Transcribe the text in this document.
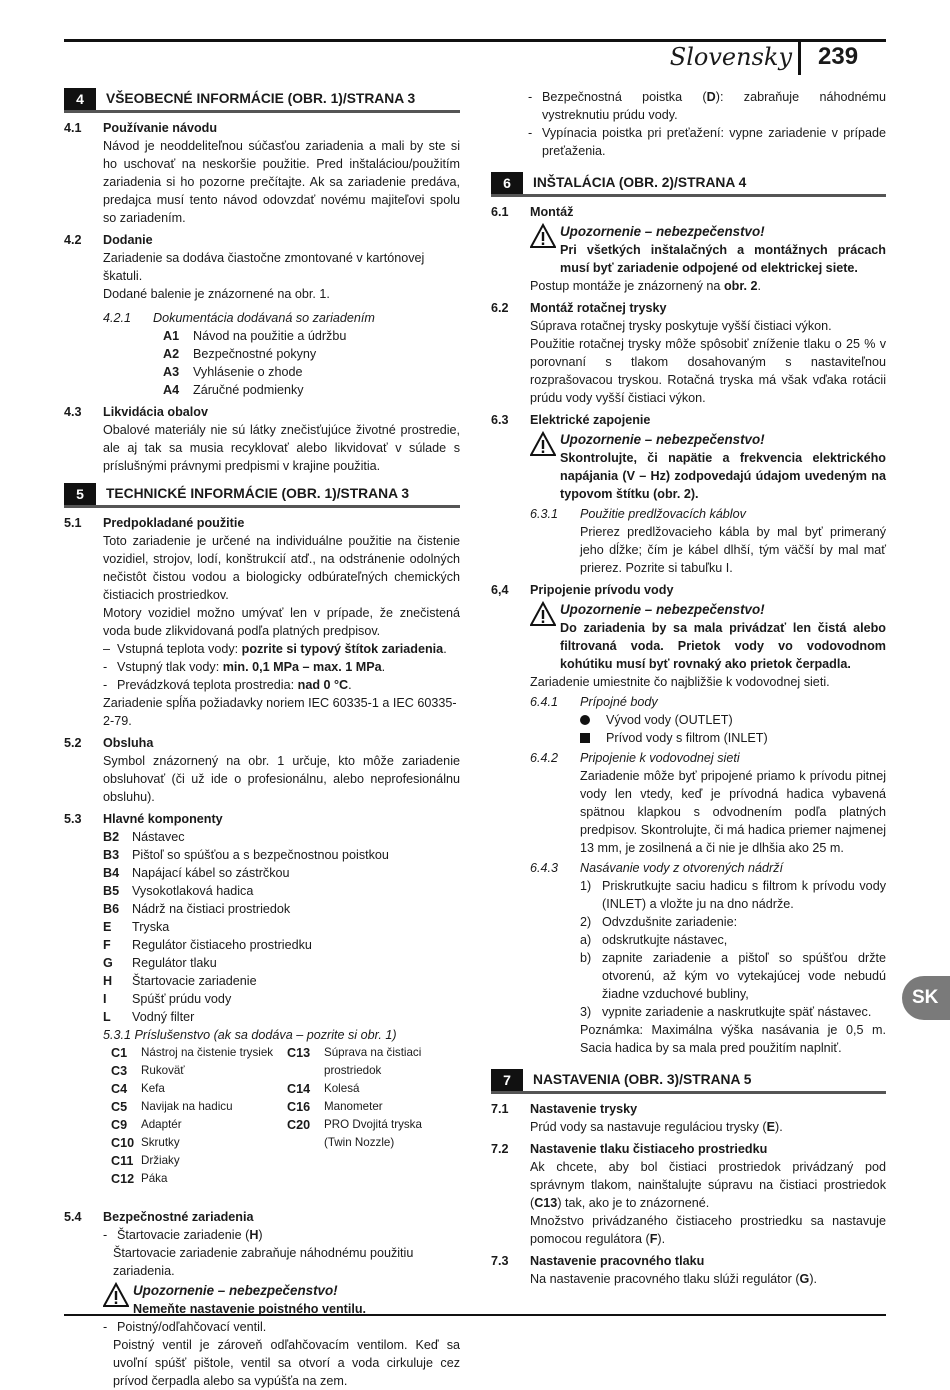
Slovensky 239
SK
4	VŠEOBECNÉ INFORMÁCIE (OBR. 1)/STRANA 3
4.1	Používanie návodu
Návod je neoddeliteľnou súčasťou zariadenia a mali by ste si ho uschovať na neskoršie použitie. Pred inštaláciou/použitím zariadenia si ho pozorne prečítajte. Ak sa zariadenie predáva, predajca musí tento návod odovzdať novému majiteľovi spolu so zariadením.
4.2	Dodanie
Zariadenie sa dodáva čiastočne zmontované v kartónovej škatuli.
Dodané balenie je znázornené na obr. 1.
4.2.1	Dokumentácia dodávaná so zariadením
A1	Návod na použitie a údržbu
A2	Bezpečnostné pokyny
A3	Vyhlásenie o zhode
A4	Záručné podmienky
4.3	Likvidácia obalov
Obalové materiály nie sú látky znečisťujúce životné prostredie, ale aj tak sa musia recyklovať alebo likvidovať v súlade s príslušnými právnymi predpismi v krajine použitia.
5	TECHNICKÉ INFORMÁCIE (OBR. 1)/STRANA 3
5.1	Predpokladané použitie
Toto zariadenie je určené na individuálne použitie na čistenie vozidiel, strojov, lodí, konštrukcií atď., na odstránenie odolných nečistôt čistou vodou a biologicky odbúrateľných chemických čistiacich prostriedkov.
Motory vozidiel možno umývať len v prípade, že znečistená voda bude zlikvidovaná podľa platných predpisov.
– Vstupná teplota vody: pozrite si typový štítok zariadenia.
- Vstupný tlak vody: min. 0,1 MPa – max. 1 MPa.
- Prevádzková teplota prostredia: nad 0 °C.
Zariadenie spĺňa požiadavky noriem IEC 60335-1 a IEC 60335-2-79.
5.2	Obsluha
Symbol znázornený na obr. 1 určuje, kto môže zariadenie obsluhovať (či už ide o profesionálnu, alebo neprofesionálnu obsluhu).
5.3	Hlavné komponenty
B2	Nástavec
B3	Pištoľ so spúšťou a s bezpečnostnou poistkou
B4	Napájací kábel so zástrčkou
B5	Vysokotlaková hadica
B6	Nádrž na čistiaci prostriedok
E	Tryska
F	Regulátor čistiaceho prostriedku
G	Regulátor tlaku
H	Štartovacie zariadenie
I	Spúšť prúdu vody
L	Vodný filter
5.3.1 Príslušenstvo (ak sa dodáva – pozrite si obr. 1)
C1	Nástroj na čistenie trysiek
C3	Rukoväť
C4	Kefa
C5	Navijak na hadicu
C9	Adaptér
C10 Skrutky
C11 Držiaky
C12 Páka
C13	Súprava na čistiaci prostriedok
C14	Kolesá
C16	Manometer
C20	PRO Dvojitá tryska (Twin Nozzle)
5.4	Bezpečnostné zariadenia
- Štartovacie zariadenie (H)
Štartovacie zariadenie zabraňuje náhodnému použitiu zariadenia.
Upozornenie – nebezpečenstvo!
Nemeňte nastavenie poistného ventilu.
- Poistný/odľahčovací ventil.
Poistný ventil je zároveň odľahčovacím ventilom. Keď sa uvoľní spúšť pištole, ventil sa otvorí a voda cirkuluje cez prívod čerpadla alebo sa vypúšťa na zem.
- Bezpečnostná poistka (D): zabraňuje náhodnému vystreknutiu prúdu vody.
- Vypínacia poistka pri preťažení: vypne zariadenie v prípade preťaženia.
6	INŠTALÁCIA (OBR. 2)/STRANA 4
6.1	Montáž
Upozornenie – nebezpečenstvo!
Pri všetkých inštalačných a montážnych prácach musí byť zariadenie odpojené od elektrickej siete.
Postup montáže je znázornený na obr. 2.
6.2	Montáž rotačnej trysky
Súprava rotačnej trysky poskytuje vyšší čistiaci výkon.
Použitie rotačnej trysky môže spôsobiť zníženie tlaku o 25 % v porovnaní s tlakom dosahovaným s nastaviteľnou rozprašovacou tryskou. Rotačná tryska má však vďaka rotácii prúdu vody vyšší čistiaci výkon.
6.3	Elektrické zapojenie
Upozornenie – nebezpečenstvo!
Skontrolujte, či napätie a frekvencia elektrického napájania (V – Hz) zodpovedajú údajom uvedeným na typovom štítku (obr. 2).
6.3.1	Použitie predlžovacích káblov
Prierez predlžovacieho kábla by mal byť primeraný jeho dĺžke; čím je kábel dlhší, tým väčší by mal mať prierez. Pozrite si tabuľku I.
6,4	Pripojenie prívodu vody
Upozornenie – nebezpečenstvo!
Do zariadenia by sa mala privádzať len čistá alebo filtrovaná voda. Prietok vody vo vodovodnom kohútiku musí byť rovnaký ako prietok čerpadla.
Zariadenie umiestnite čo najbližšie k vodovodnej sieti.
6.4.1	Prípojné body
Vývod vody (OUTLET)
Prívod vody s filtrom (INLET)
6.4.2	Pripojenie k vodovodnej sieti
Zariadenie môže byť pripojené priamo k prívodu pitnej vody len vtedy, keď je prívodná hadica vybavená spätnou klapkou s odvodnením podľa platných predpisov. Skontrolujte, či má hadica priemer najmenej 13 mm, je zosilnená a či nie je dlhšia ako 25 m.
6.4.3	Nasávanie vody z otvorených nádrží
1) Priskrutkujte saciu hadicu s filtrom k prívodu vody (INLET) a vložte ju na dno nádrže.
2) Odvzdušnite zariadenie:
a) odskrutkujte nástavec,
b) zapnite zariadenie a pištoľ so spúšťou držte otvorenú, až kým vo vytekajúcej vode nebudú žiadne vzduchové bubliny,
3) vypnite zariadenie a naskrutkujte späť nástavec.
Poznámka: Maximálna výška nasávania je 0,5 m. Sacia hadica by sa mala pred použitím naplniť.
7	NASTAVENIA (OBR. 3)/STRANA 5
7.1	Nastavenie trysky
Prúd vody sa nastavuje reguláciou trysky (E).
7.2	Nastavenie tlaku čistiaceho prostriedku
Ak chcete, aby bol čistiaci prostriedok privádzaný pod správnym tlakom, nainštalujte súpravu na čistiaci prostriedok (C13) tak, ako je to znázornené.
Množstvo privádzaného čistiaceho prostriedku sa nastavuje pomocou regulátora (F).
7.3	Nastavenie pracovného tlaku
Na nastavenie pracovného tlaku slúži regulátor (G).
